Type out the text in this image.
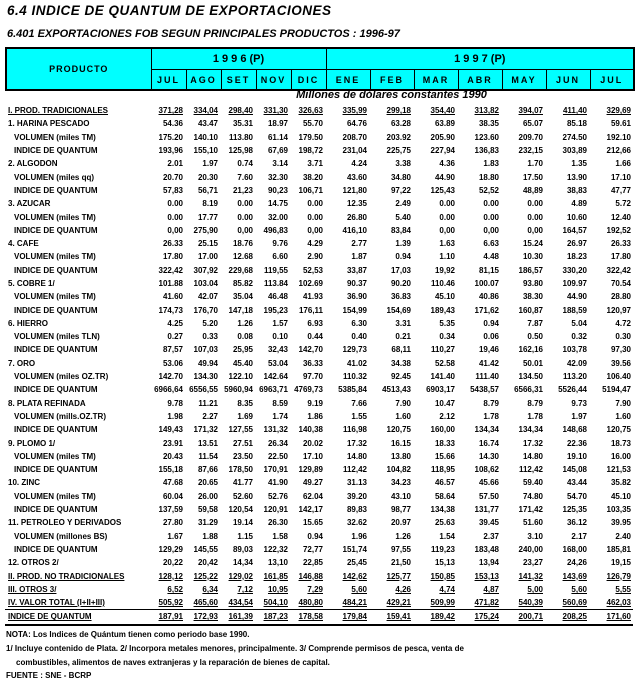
6.4 INDICE DE QUANTUM DE EXPORTACIONES
6.401 EXPORTACIONES FOB SEGUN PRINCIPALES PRODUCTOS : 1996-97
PRODUCTO	1 9 9 6 (P)					1 9 9 7 (P)						
	JUL	AGO	SET	NOV	DIC	ENE	FEB	MAR	ABR	MAY	JUN	JUL
Millones de dólares constantes 1990
I. PROD. TRADICIONALES	371,28	334,04	298,40	331,30	326,63	335,99	299,18	354,40	313,82	394,07	411,40	329,69
1. HARINA PESCADO	54.36	43.47	35.31	18.97	55.70	64.76	63.28	63.89	38.35	65.07	85.18	59.61
VOLUMEN (miles TM)	175.20	140.10	113.80	61.14	179.50	208.70	203.92	205.90	123.60	209.70	274.50	192.10
INDICE DE QUANTUM	193,96	155,10	125,98	67,69	198,72	231,04	225,75	227,94	136,83	232,15	303,89	212,66
2. ALGODON	2.01	1.97	0.74	3.14	3.71	4.24	3.38	4.36	1.83	1.70	1.35	1.66
VOLUMEN (miles qq)	20.70	20.30	7.60	32.30	38.20	43.60	34.80	44.90	18.80	17.50	13.90	17.10
INDICE DE QUANTUM	57,83	56,71	21,23	90,23	106,71	121,80	97,22	125,43	52,52	48,89	38,83	47,77
3. AZUCAR	0.00	8.19	0.00	14.75	0.00	12.35	2.49	0.00	0.00	0.00	4.89	5.72
VOLUMEN (miles TM)	0.00	17.77	0.00	32.00	0.00	26.80	5.40	0.00	0.00	0.00	10.60	12.40
INDICE DE QUANTUM	0,00	275,90	0,00	496,83	0,00	416,10	83,84	0,00	0,00	0,00	164,57	192,52
4. CAFE	26.33	25.15	18.76	9.76	4.29	2.77	1.39	1.63	6.63	15.24	26.97	26.33
VOLUMEN (miles TM)	17.80	17.00	12.68	6.60	2.90	1.87	0.94	1.10	4.48	10.30	18.23	17.80
INDICE DE QUANTUM	322,42	307,92	229,68	119,55	52,53	33,87	17,03	19,92	81,15	186,57	330,20	322,42
5. COBRE 1/	101.88	103.04	85.82	113.84	102.69	90.37	90.20	110.46	100.07	93.80	109.97	70.54
VOLUMEN (miles TM)	41.60	42.07	35.04	46.48	41.93	36.90	36.83	45.10	40.86	38.30	44.90	28.80
INDICE DE QUANTUM	174,73	176,70	147,18	195,23	176,11	154,99	154,69	189,43	171,62	160,87	188,59	120,97
6. HIERRO	4.25	5.20	1.26	1.57	6.93	6.30	3.31	5.35	0.94	7.87	5.04	4.72
VOLUMEN (miles TLN)	0.27	0.33	0.08	0.10	0.44	0.40	0.21	0.34	0.06	0.50	0.32	0.30
INDICE DE QUANTUM	87,57	107,03	25,95	32,43	142,70	129,73	68,11	110,27	19,46	162,16	103,78	97,30
7. ORO	53.06	49.94	45.40	53.04	36.33	41.02	34.38	52.58	41.42	50.01	42.09	39.56
VOLUMEN (miles OZ.TR)	142.70	134.30	122.10	142.64	97.70	110.32	92.45	141.40	111.40	134.50	113.20	106.40
INDICE DE QUANTUM	6966,64	6556,55	5960,94	6963,71	4769,73	5385,84	4513,43	6903,17	5438,57	6566,31	5526,44	5194,47
8. PLATA REFINADA	9.78	11.21	8.35	8.59	9.19	7.66	7.90	10.47	8.79	8.79	9.73	7.90
VOLUMEN (mills.OZ.TR)	1.98	2.27	1.69	1.74	1.86	1.55	1.60	2.12	1.78	1.78	1.97	1.60
INDICE DE QUANTUM	149,43	171,32	127,55	131,32	140,38	116,98	120,75	160,00	134,34	134,34	148,68	120,75
9. PLOMO 1/	23.91	13.51	27.51	26.34	20.02	17.32	16.15	18.33	16.74	17.32	22.36	18.73
VOLUMEN (miles TM)	20.43	11.54	23.50	22.50	17.10	14.80	13.80	15.66	14.30	14.80	19.10	16.00
INDICE DE QUANTUM	155,18	87,66	178,50	170,91	129,89	112,42	104,82	118,95	108,62	112,42	145,08	121,53
10. ZINC	47.68	20.65	41.77	41.90	49.27	31.13	34.23	46.57	45.66	59.40	43.44	35.82
VOLUMEN (miles TM)	60.04	26.00	52.60	52.76	62.04	39.20	43.10	58.64	57.50	74.80	54.70	45.10
INDICE DE QUANTUM	137,59	59,58	120,54	120,91	142,17	89,83	98,77	134,38	131,77	171,42	125,35	103,35
11. PETROLEO Y DERIVADOS	27.80	31.29	19.14	26.30	15.65	32.62	20.97	25.63	39.45	51.60	36.12	39.95
VOLUMEN (millones BS)	1.67	1.88	1.15	1.58	0.94	1.96	1.26	1.54	2.37	3.10	2.17	2.40
INDICE DE QUANTUM	129,29	145,55	89,03	122,32	72,77	151,74	97,55	119,23	183,48	240,00	168,00	185,81
12. OTROS 2/	20,22	20,42	14,34	13,10	22,85	25,45	21,50	15,13	13,94	23,27	24,26	19,15
II. PROD. NO TRADICIONALES	128,12	125,22	129,02	161,85	146,88	142,62	125,77	150,85	153,13	141,32	143,69	126,79
III. OTROS 3/	6,52	6,34	7,12	10,95	7,29	5,60	4,26	4,74	4,87	5,00	5,60	5,55
IV. VALOR TOTAL (I+II+III)	505,92	465,60	434,54	504,10	480,80	484,21	429,21	509,99	471,82	540,39	560,69	462,03
INDICE DE QUANTUM	187,91	172,93	161,39	187,23	178,58	179,84	159,41	189,42	175,24	200,71	208,25	171,60
NOTA: Los Indices de Quántum tienen como periodo base 1990.
1/ Incluye contenido de Plata. 2/ Incorpora metales menores, principalmente. 3/ Comprende permisos de pesca, venta de
combustibles, alimentos de naves extranjeras y la reparación de bienes de capital.
FUENTE : SNE - BCRP
